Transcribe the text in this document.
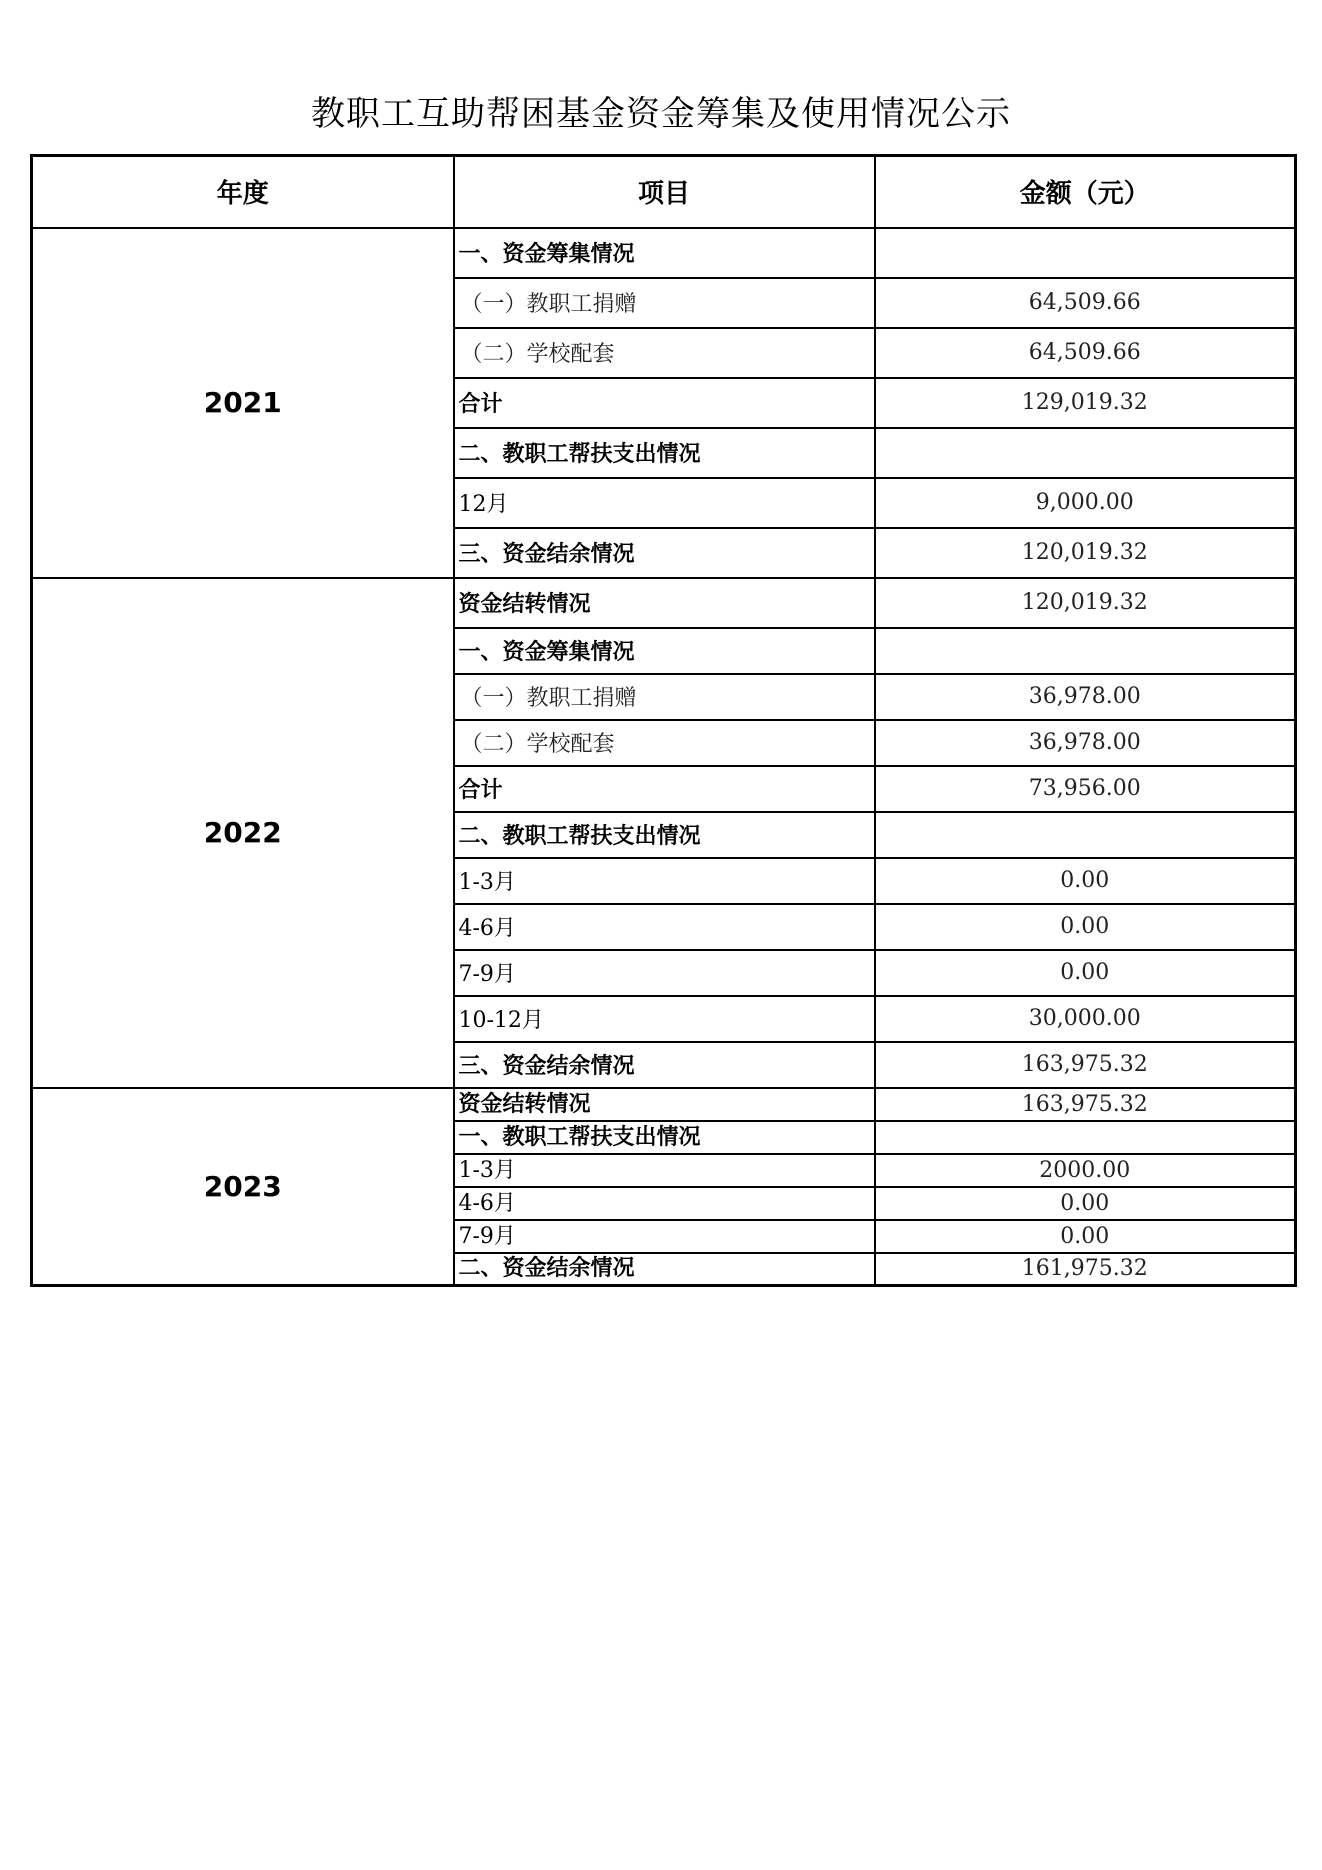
教职工互助帮困基金资金筹集及使用情况公示
年度	项目	金额（元）
2021	一、资金筹集情况	
	（一）教职工捐赠	64,509.66
	（二）学校配套	64,509.66
	合计	129,019.32
	二、教职工帮扶支出情况	
	12月	9,000.00
	三、资金结余情况	120,019.32
2022	资金结转情况	120,019.32
	一、资金筹集情况	
	（一）教职工捐赠	36,978.00
	（二）学校配套	36,978.00
	合计	73,956.00
	二、教职工帮扶支出情况	
	1-3月	0.00
	4-6月	0.00
	7-9月	0.00
	10-12月	30,000.00
	三、资金结余情况	163,975.32
2023	资金结转情况	163,975.32
	一、教职工帮扶支出情况	
	1-3月	2000.00
	4-6月	0.00
	7-9月	0.00
	二、资金结余情况	161,975.32
